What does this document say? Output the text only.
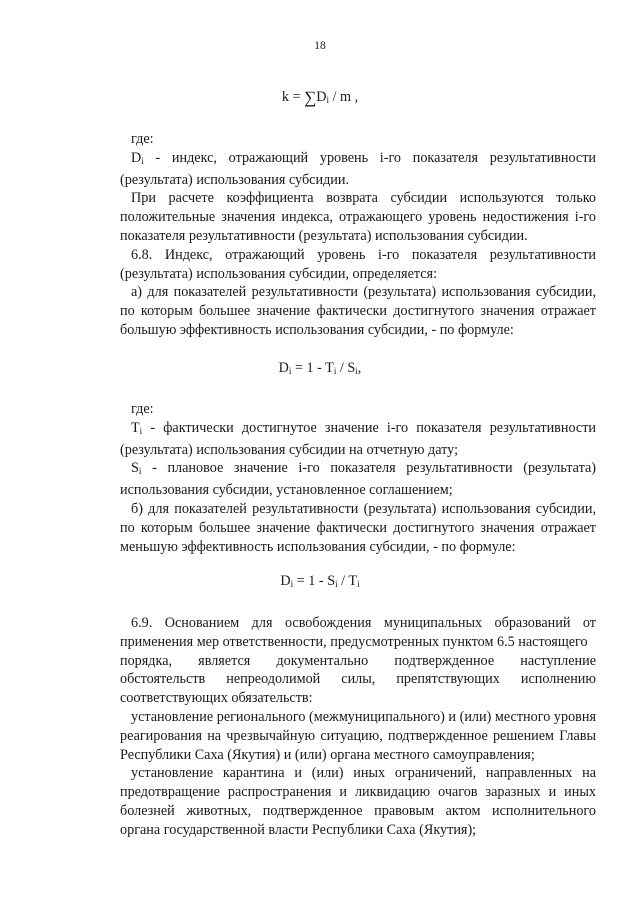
18
$k = \sum D_i / m$ ,

где:

$D_i$ - индекс, отражающий уровень i-го показателя результативности (результата) использования субсидии.

При расчете коэффициента возврата субсидии используются только положительные значения индекса, отражающего уровень недостижения i-го показателя результативности (результата) использования субсидии.

6.8. Индекс, отражающий уровень i-го показателя результативности (результата) использования субсидии, определяется:

а) для показателей результативности (результата) использования субсидии, по которым большее значение фактически достигнутого значения отражает большую эффективность использования субсидии, - по формуле:

$D_i = 1 - T_i / S_i$,

где:

$T_i$ - фактически достигнутое значение i-го показателя результативности (результата) использования субсидии на отчетную дату;

$S_i$ - плановое значение i-го показателя результативности (результата) использования субсидии, установленное соглашением;

б) для показателей результативности (результата) использования субсидии, по которым большее значение фактически достигнутого значения отражает меньшую эффективность использования субсидии, - по формуле:

$D_i = 1 - S_i / T_i$

6.9. Основанием для освобождения муниципальных образований от применения мер ответственности, предусмотренных пунктом 6.5 настоящего

порядка, является документально подтвержденное наступление

обстоятельств непреодолимой силы, препятствующих исполнению

соответствующих обязательств:

установление регионального (межмуниципального) и (или) местного уровня реагирования на чрезвычайную ситуацию, подтвержденное решением Главы Республики Саха (Якутия) и (или) органа местного самоуправления;

установление карантина и (или) иных ограничений, направленных на предотвращение распространения и ликвидацию очагов заразных и иных болезней животных, подтвержденное правовым актом исполнительного органа государственной власти Республики Саха (Якутия);
